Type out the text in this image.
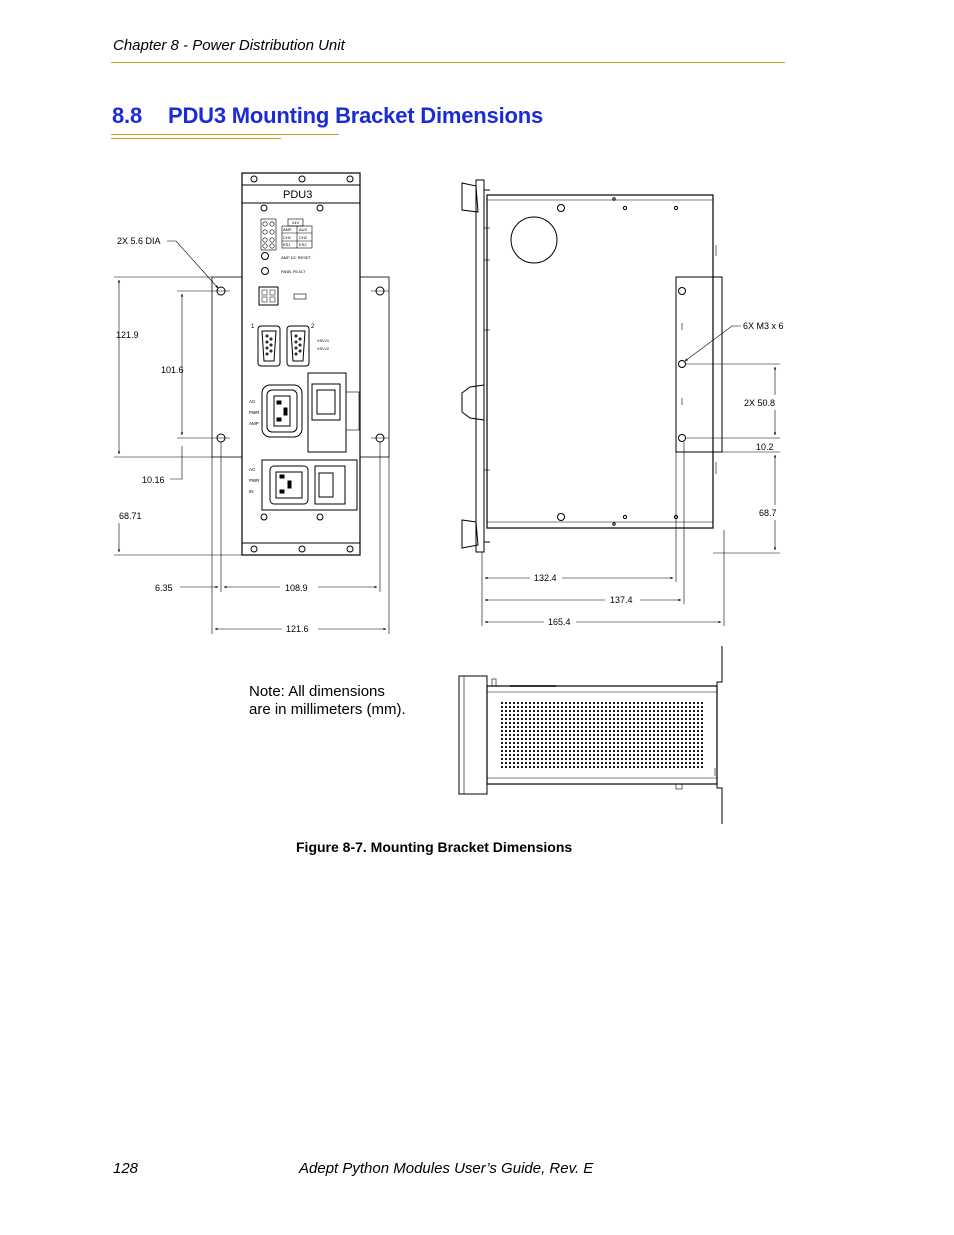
Chapter 8 - Power Distribution Unit
8.8 PDU3 Mounting Bracket Dimensions
PDU3
24V
AMP AUX
CH1 CH2
ES1 ES2
AMP DC RESET
PANEL PB ACT
1	2
XSLV1
XSLV2
AC
PWR
AMP
AC
PWR
IN
2X 5.6 DIA
121.9
101.6
10.16
68.71
6.35	108.9
121.6
6X M3 x 6
2X 50.8
10.2
68.7
132.4
137.4
165.4
Note: All dimensions
are in millimeters (mm).
Figure 8-7. Mounting Bracket Dimensions
128	Adept Python Modules User’s Guide, Rev. E
